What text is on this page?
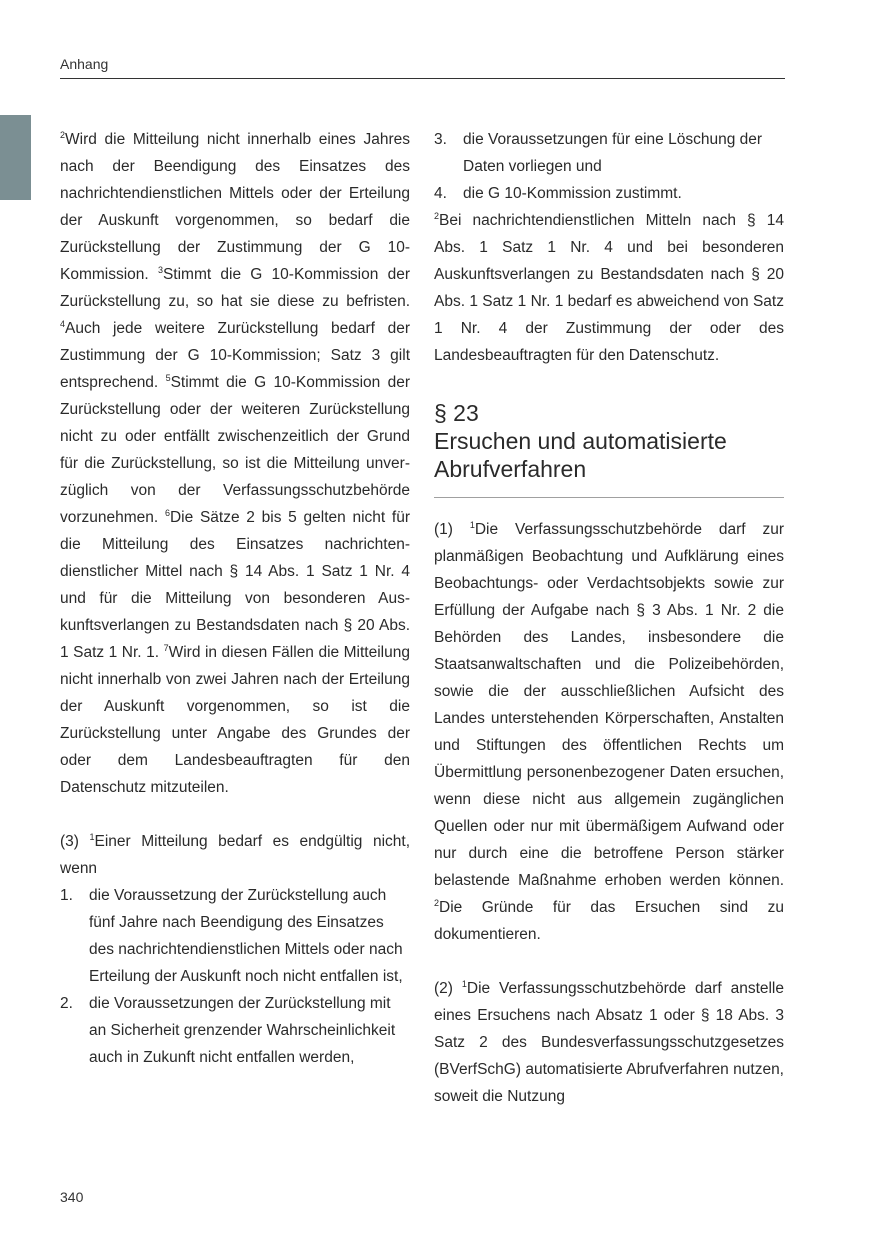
Anhang

$^2$Wird die Mitteilung nicht innerhalb eines Jahres nach der Beendigung des Einsatzes des nachrichtendienstlichen Mittels oder der Erteilung der Auskunft vorgenommen, so bedarf die Zurückstellung der Zustimmung der G 10-Kommission. $^3$Stimmt die G 10-Kommission der Zurückstellung zu, so hat sie diese zu befristen. $^4$Auch jede weitere Zurückstellung bedarf der Zustimmung der G 10-Kommission; Satz 3 gilt entsprechend. $^5$Stimmt die G 10-Kommission der Zurückstellung oder der weiteren Zurückstellung nicht zu oder entfällt zwischenzeitlich der Grund für die Zurückstellung, so ist die Mitteilung unverzüglich von der Verfassungsschutzbehörde vorzunehmen. $^6$Die Sätze 2 bis 5 gelten nicht für die Mitteilung des Einsatzes nachrichtendienstlicher Mittel nach § 14 Abs. 1 Satz 1 Nr. 4 und für die Mitteilung von besonderen Auskunftsverlangen zu Bestandsdaten nach § 20 Abs. 1 Satz 1 Nr. 1. $^7$Wird in diesen Fällen die Mitteilung nicht innerhalb von zwei Jahren nach der Erteilung der Auskunft vorgenommen, so ist die Zurückstellung unter Angabe des Grundes der oder dem Landesbeauftragten für den Datenschutz mitzuteilen.

(3) $^1$Einer Mitteilung bedarf es endgültig nicht, wenn

1. die Voraussetzung der Zurückstellung auch fünf Jahre nach Beendigung des Einsatzes des nachrichtendienstlichen Mittels oder nach Erteilung der Auskunft noch nicht entfallen ist,
2. die Voraussetzungen der Zurückstellung mit an Sicherheit grenzender Wahrscheinlichkeit auch in Zukunft nicht entfallen werden,
3. die Voraussetzungen für eine Löschung der Daten vorliegen und
4. die G 10-Kommission zustimmt.

$^2$Bei nachrichtendienstlichen Mitteln nach § 14 Abs. 1 Satz 1 Nr. 4 und bei besonderen Auskunftsverlangen zu Bestandsdaten nach § 20 Abs. 1 Satz 1 Nr. 1 bedarf es abweichend von Satz 1 Nr. 4 der Zustimmung der oder des Landesbeauftragten für den Datenschutz.

§ 23
Ersuchen und automatisierte
Abrufverfahren

(1) $^1$Die Verfassungsschutzbehörde darf zur planmäßigen Beobachtung und Aufklärung eines Beobachtungs- oder Verdachtsobjekts sowie zur Erfüllung der Aufgabe nach § 3 Abs. 1 Nr. 2 die Behörden des Landes, insbesondere die Staatsanwaltschaften und die Polizeibehörden, sowie die der ausschließlichen Aufsicht des Landes unterstehenden Körperschaften, Anstalten und Stiftungen des öffentlichen Rechts um Übermittlung personenbezogener Daten ersuchen, wenn diese nicht aus allgemein zugänglichen Quellen oder nur mit übermäßigem Aufwand oder nur durch eine die betroffene Person stärker belastende Maßnahme erhoben werden können. $^2$Die Gründe für das Ersuchen sind zu dokumentieren.

(2) $^1$Die Verfassungsschutzbehörde darf anstelle eines Ersuchens nach Absatz 1 oder § 18 Abs. 3 Satz 2 des Bundesverfassungsschutzgesetzes (BVerfSchG) automatisierte Abrufverfahren nutzen, soweit die Nutzung

340
